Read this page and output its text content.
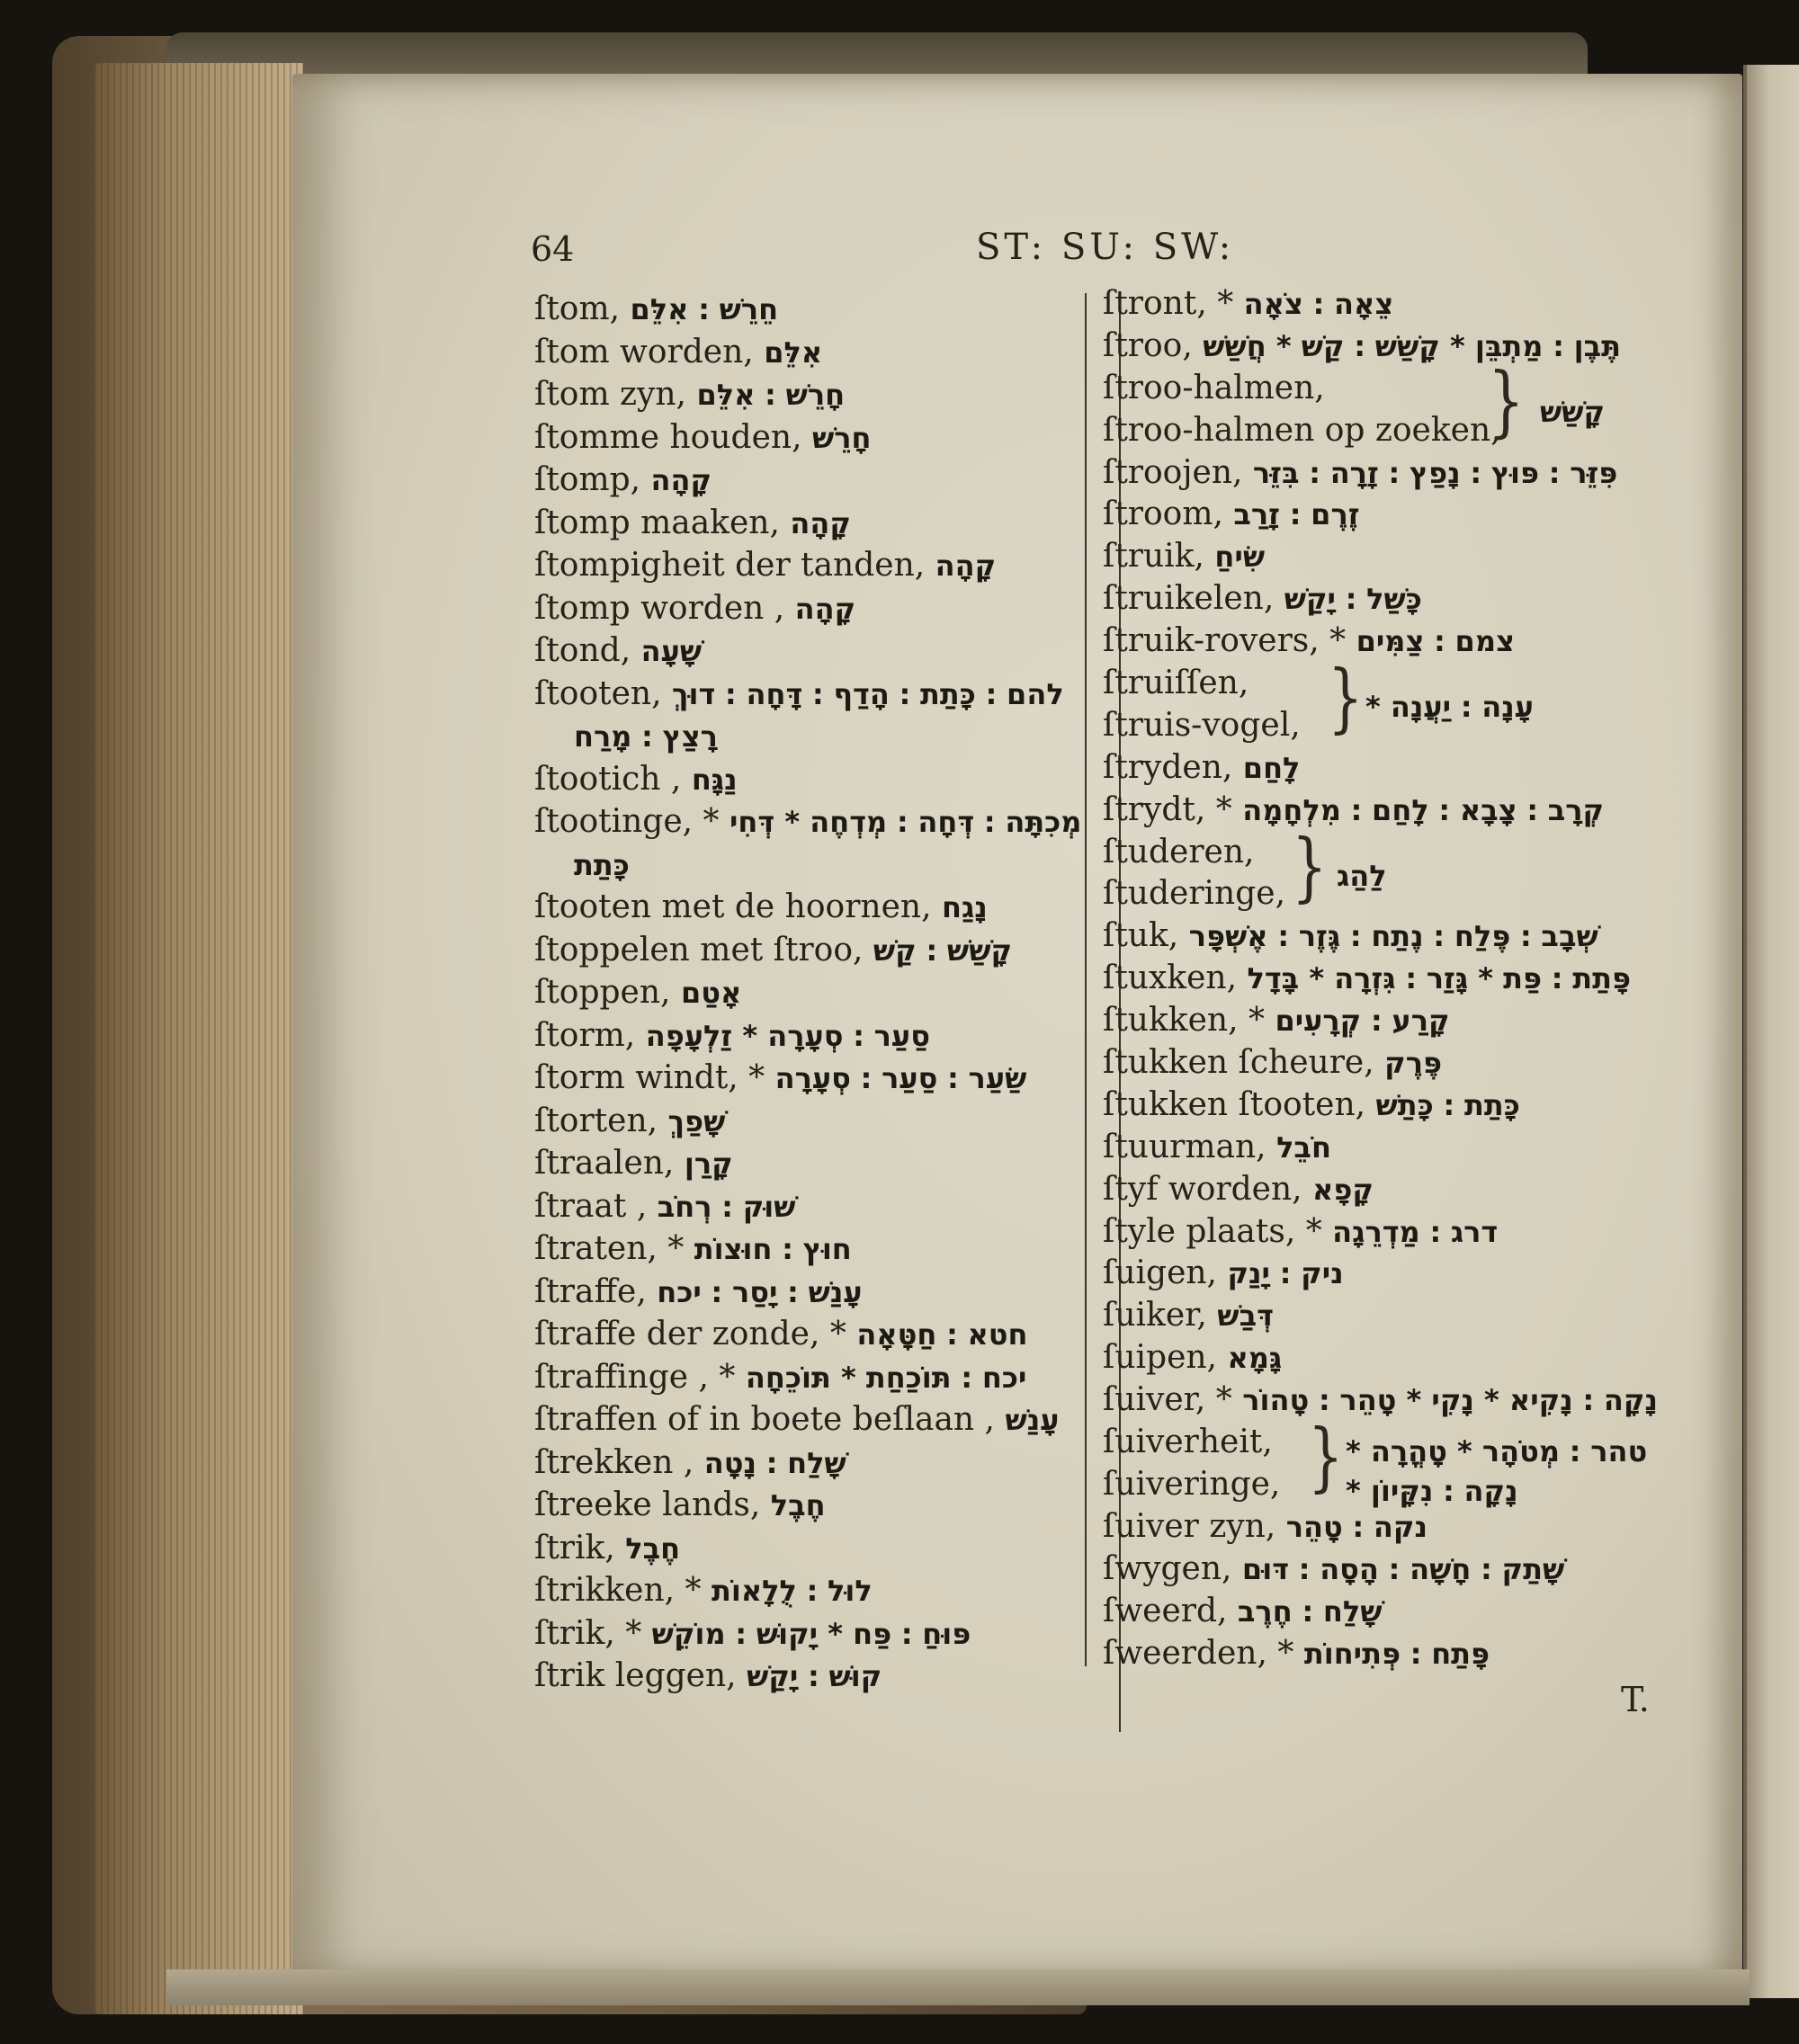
64	ST: SU: SW:
ſtom, חֵרֵשׁ ׃ אִלֵּם
ſtom worden, אִלֵּם
ſtom zyn, חָרֵשׁ ׃ אִלֵּם
ſtomme houden, חָרֵשׁ
ſtomp, קָהָה
ſtomp maaken, קָהָה
ſtompigheit der tanden, קָהָה
ſtomp worden , קָהָה
ſtond, שָׁעָה
ſtooten, להם ׃ כָּתַת ׃ הָדַף ׃ דָּחָה ׃ דוּךְ
רָצַץ ׃ מָרַח
ſtootich , נַגָּח
ſtootinge, * מְכִתָּה ׃ דְּחָה ׃ מְדְחֶה * דְּחִי
כָּתַת
ſtooten met de hoornen, נָגַח
ſtoppelen met ſtroo, קָשַׁשׁ ׃ קַשׁ
ſtoppen, אָטַם
ſtorm, סַעַר ׃ סְעָרָה * זַלְעָפָה
ſtorm windt, * שַׂעַר ׃ סַעַר ׃ סְעָרָה
ſtorten, שָׁפַךְ
ſtraalen, קָרַן
ſtraat , שׁוּק ׃ רְחֹב
ſtraten, * חוּץ ׃ חוּצוֹת
ſtraffe, עָנַשׁ ׃ יָסַר ׃ יכח
ſtraffe der zonde, * חטא ׃ חַטָּאָה
ſtraffinge , * יכח ׃ תּוֹכַחַת * תּוֹכֵחָה
ſtraffen of in boete beſlaan , עָנַשׁ
ſtrekken , שָׁלַח ׃ נָטָה
ſtreeke lands, חֶבֶל
ſtrik, חֶבֶל
ſtrikken, * לוּל ׃ לֻלָאוֹת
ſtrik, * פּוּחַ ׃ פַּח * יָקוּשׁ ׃ מוֹקֵשׁ
ſtrik leggen, קוּשׁ ׃ יָקַשׁ
ſtront, * צֵאָה ׃ צֹאָה
ſtroo, תֶּבֶן ׃ מַתְבֵּן * קָשַׁשׁ ׃ קַשׁ * חֲשַׁשׁ
ſtroo-halmen,
ſtroo-halmen op zoeken,
} קָשַׁשׁ
ſtroojen, פִּזֵּר ׃ פּוּץ ׃ נָפַץ ׃ זָרָה ׃ בִּזֵּר
ſtroom, זֶרֶם ׃ זָרַב
ſtruik, שִׂיחַ
ſtruikelen, כָּשַׁל ׃ יָקַשׁ
ſtruik-rovers, * צמם ׃ צַמִּים
ſtruiſſen,
ſtruis-vogel, } עָנָה ׃ יַעֲנָה *
ſtryden, לָחַם
ſtrydt, * קְרָב ׃ צָבָא ׃ לָחַם ׃ מִלְחָמָה
ſtuderen,
ſtuderinge, } לַהַג
ſtuk, שְׁבָב ׃ פֶּלַח ׃ נֶתַח ׃ גֶּזֶר ׃ אֶשְׁפָּר
ſtuxken, פָּתַת ׃ פַּת * גָּזַר ׃ גִּזְרָה * בָּדָל
ſtukken, * קָרַע ׃ קְרָעִים
ſtukken ſcheure, פֶּרֶק
ſtukken ſtooten, כָּתַת ׃ כָּתַשׁ
ſtuurman, חֹבֵל
ſtyf worden, קָפָא
ſtyle plaats, * דרג ׃ מַדְרֵגָה
ſuigen, ניק ׃ יָנַק
ſuiker, דְּבַשׁ
ſuipen, גָּמָא
ſuiver, * נָקָה ׃ נָקִיא * נָקִי * טָהֵר ׃ טָהוֹר
ſuiverheit,
ſuiveringe, } טהר ׃ מְטֹהָר * טָהֳרָה *
נָקָה ׃ נִקָּיוֹן *
ſuiver zyn, נקה ׃ טָהֵר
ſwygen, שָׁתַק ׃ חָשָׁה ׃ הָסָה ׃ דּוּם
ſweerd, שָׁלַח ׃ חֶרֶב
ſweerden, * פָּתַח ׃ פְּתִיחוֹת
T.
